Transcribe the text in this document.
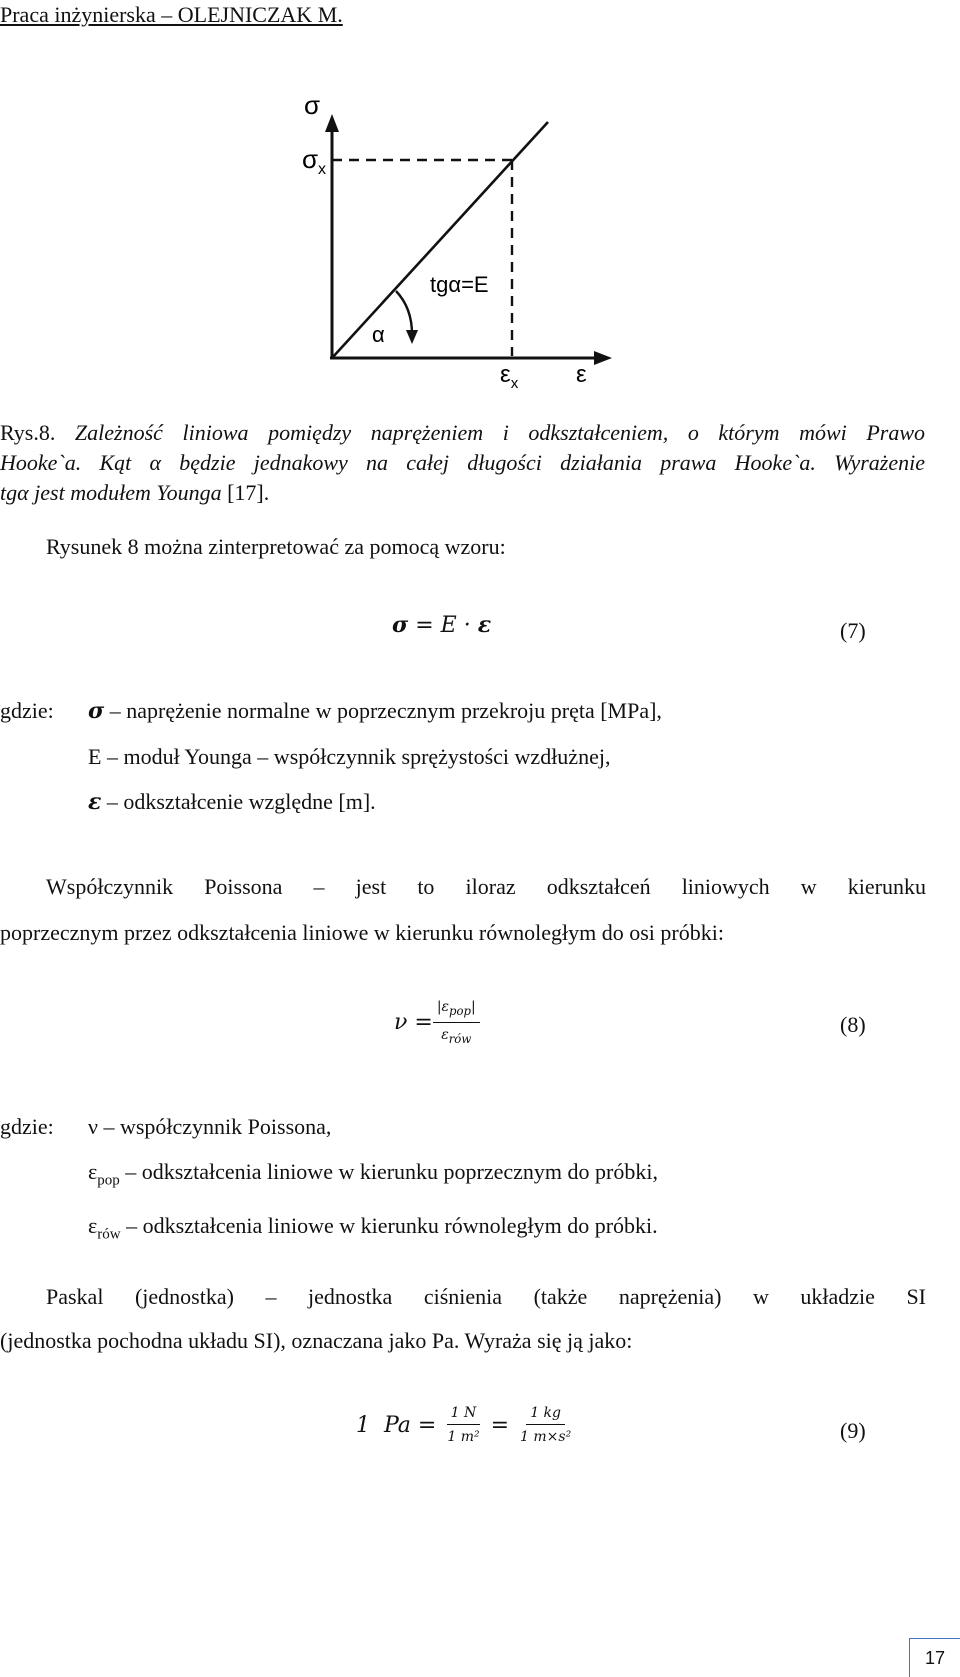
Praca inżynierska – OLEJNICZAK M.
σ
$\sigma_x$
tgα=E
α
$\varepsilon_x$ ε
Rys.8. Zależność liniowa pomiędzy naprężeniem i odkształceniem, o którym mówi Prawo
Hooke`a. Kąt α będzie jednakowy na całej długości działania prawa Hooke`a. Wyrażenie
tgα jest modułem Younga [17].
Rysunek 8 można zinterpretować za pomocą wzoru:
σ = E · ε	(7)
gdzie: σ – naprężenie normalne w poprzecznym przekroju pręta [MPa],
E – moduł Younga – współczynnik sprężystości wzdłużnej,
ε – odkształcenie względne [m].
Współczynnik Poissona – jest to iloraz odkształceń liniowych w kierunku
poprzecznym przez odkształcenia liniowe w kierunku równoległym do osi próbki:
$\nu = \frac{|\varepsilon_{pop}|}{\varepsilon_{rów}}$	(8)
gdzie: ν – współczynnik Poissona,
$\varepsilon_{pop}$ – odkształcenia liniowe w kierunku poprzecznym do próbki,
$\varepsilon_{rów}$ – odkształcenia liniowe w kierunku równoległym do próbki.
Paskal (jednostka) – jednostka ciśnienia (także naprężenia) w układzie SI
(jednostka pochodna układu SI), oznaczana jako Pa. Wyraża się ją jako:
1  $Pa = \frac{1 N}{\text{1 m²}} = \frac{1 kg}{\text{1 m×s²}}$	(9)
17
